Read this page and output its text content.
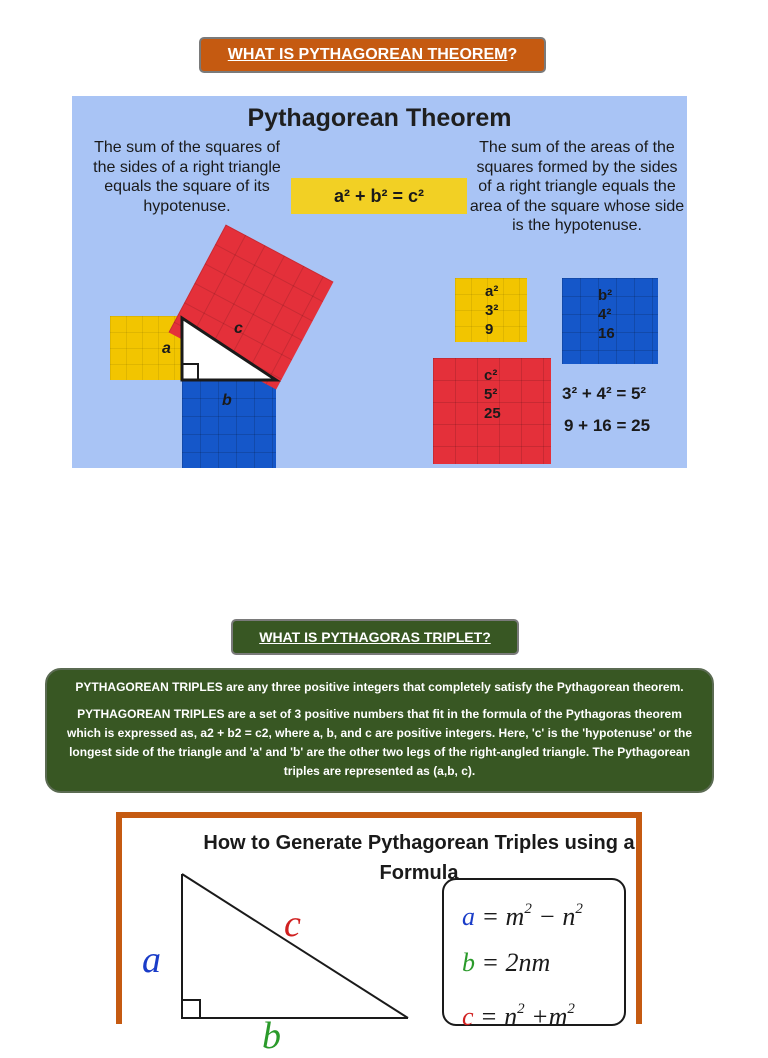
WHAT IS PYTHAGOREAN THEOREM ?
Pythagorean Theorem
The sum of the squares of the sides of a right triangle equals the square of its hypotenuse.
The sum of the areas of the squares formed by the sides of a right triangle equals the area of the square whose side is the hypotenuse.
a² + b² = c²
a
b
c
a²
3²
9
b²
4²
16
c²
5²
25
3² + 4² = 5²
9 + 16 = 25
WHAT IS PYTHAGORAS TRIPLET?

PYTHAGOREAN TRIPLES are any three positive integers that completely satisfy the Pythagorean theorem.

PYTHAGOREAN TRIPLES are a set of 3 positive numbers that fit in the formula of the Pythagoras theorem which is expressed as, a2 + b2 = c2, where a, b, and c are positive integers. Here, 'c' is the 'hypotenuse' or the longest side of the triangle and 'a' and 'b' are the other two legs of the right-angled triangle. The Pythagorean triples are represented as (a,b, c).

How to Generate Pythagorean Triples using a Formula
a
c
b
$a = m^2 - n^2$
b = 2nm
$c = n^2 +m^2$
